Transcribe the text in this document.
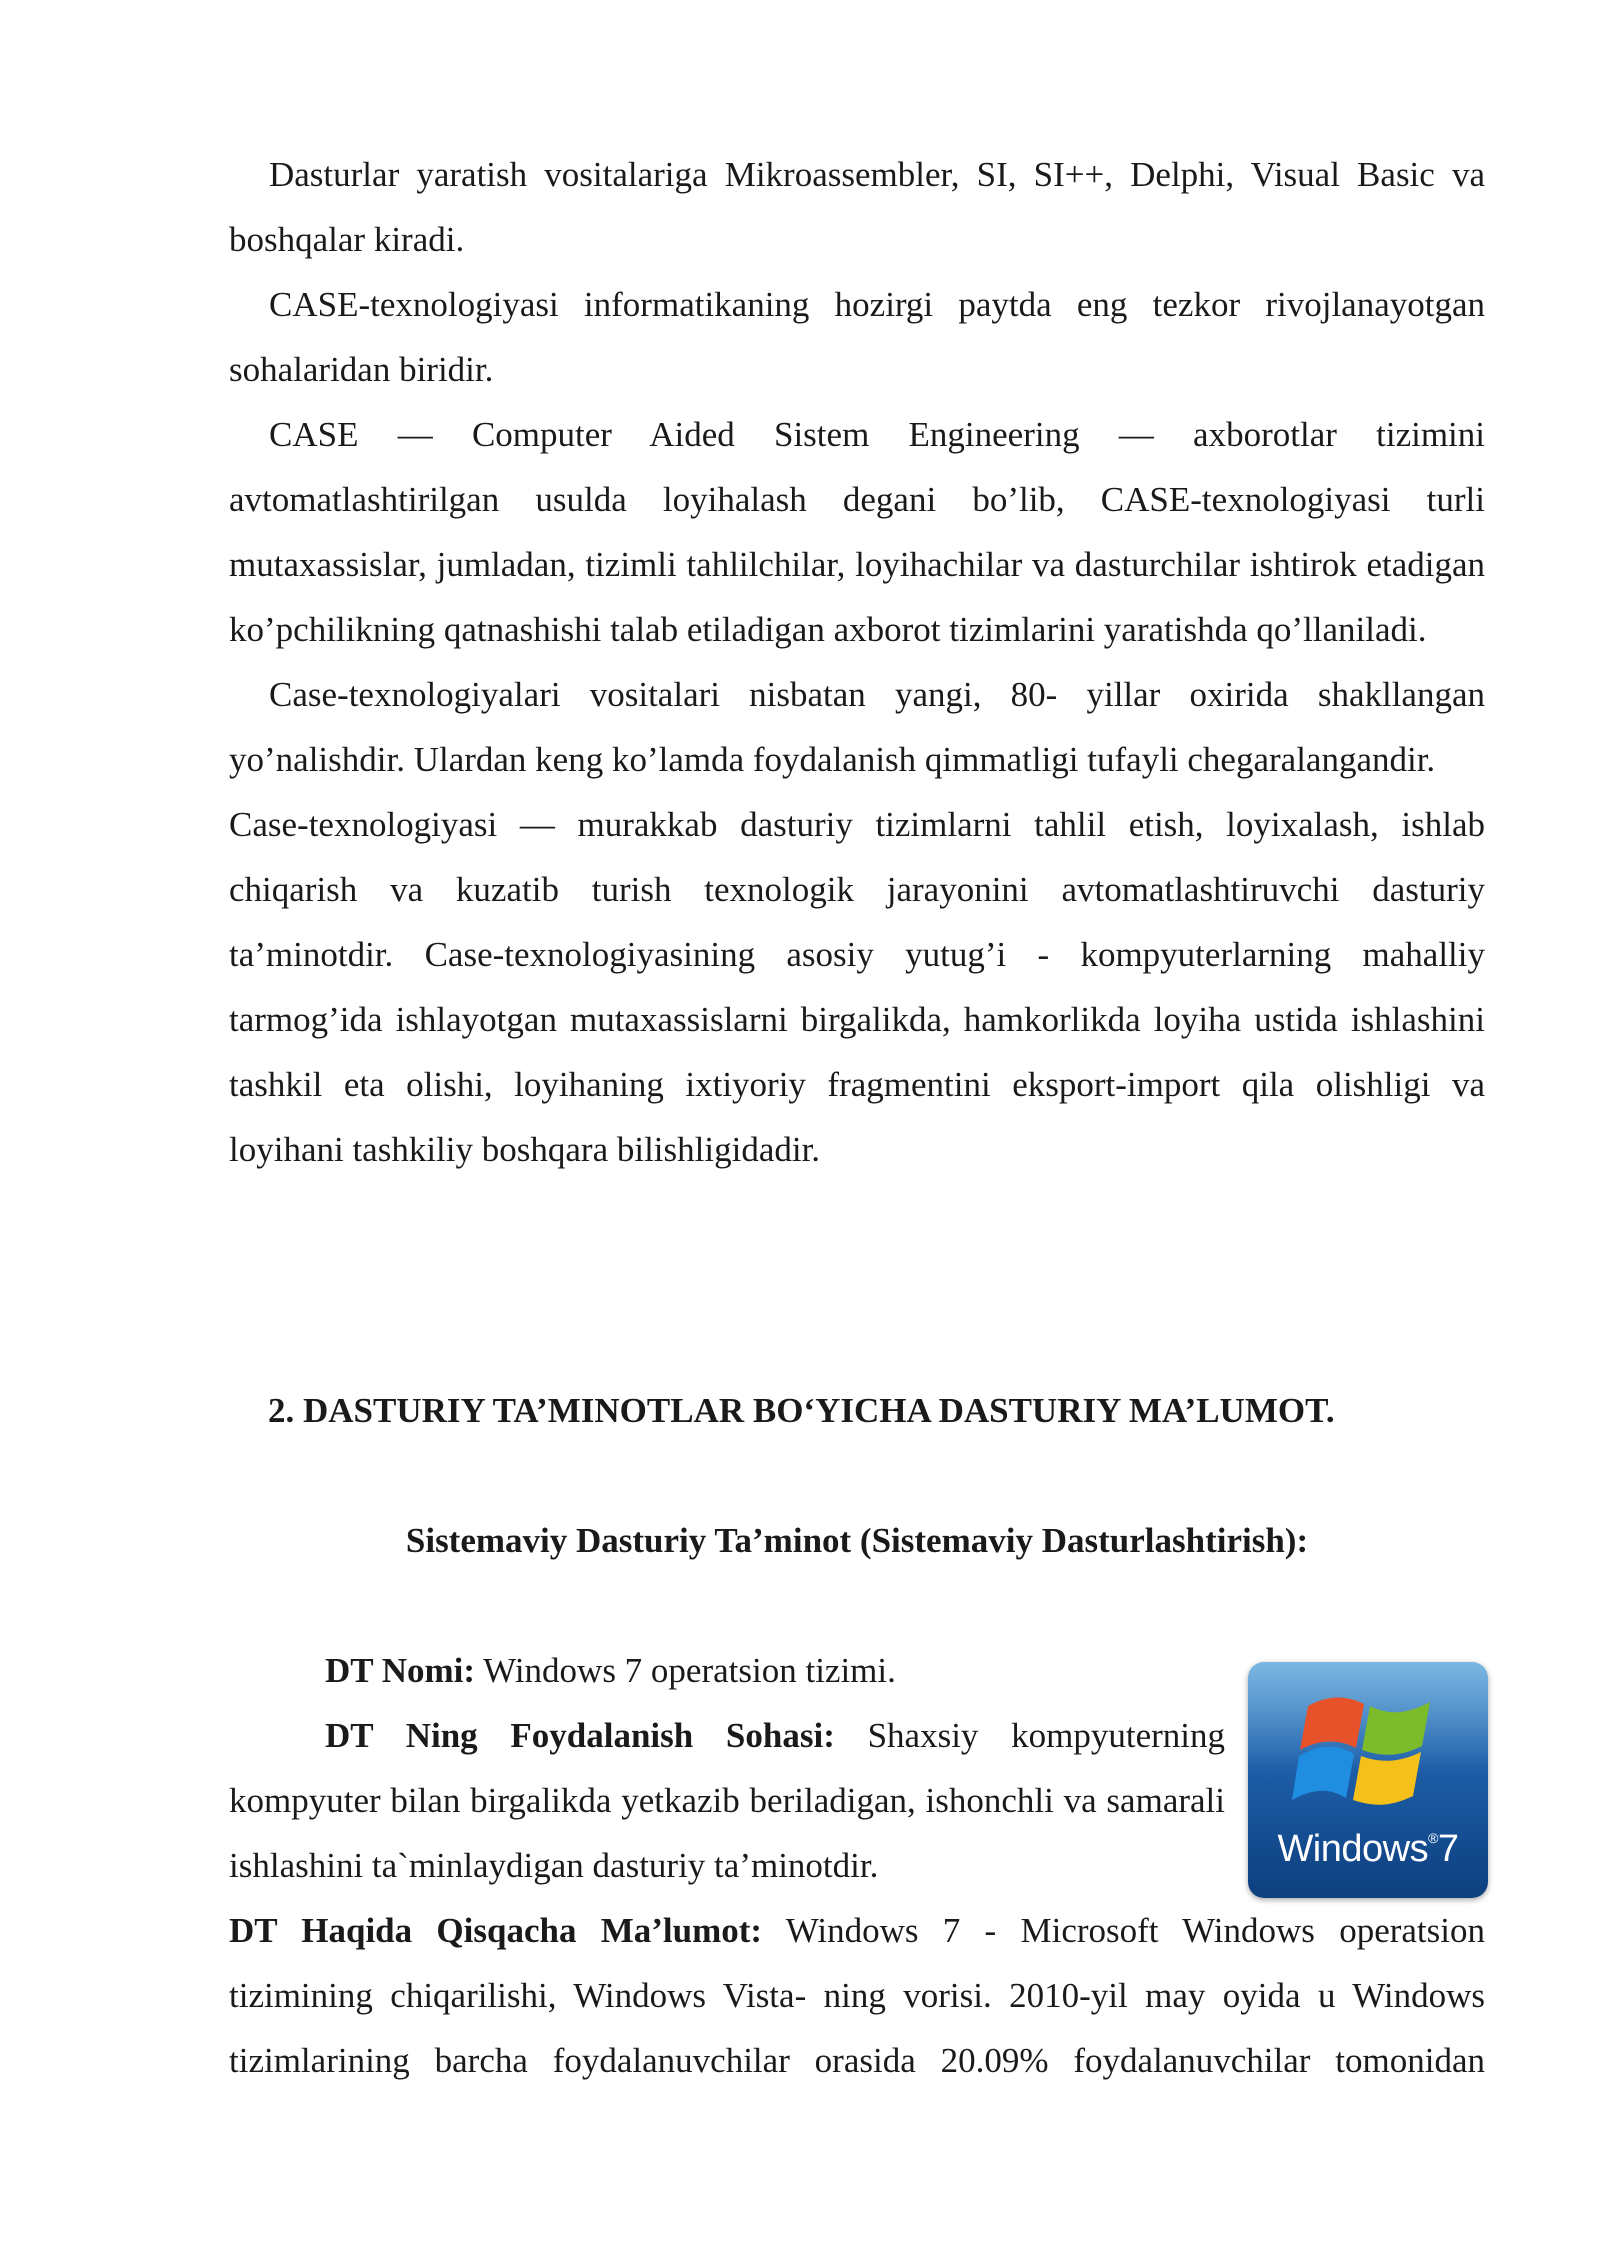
Dasturlar yaratish vositalariga Mikroassembler, SI, SI++, Delphi, Visual Basic va boshqalar kiradi.

CASE-texnologiyasi informatikaning hozirgi paytda eng tezkor rivojlanayotgan sohalaridan biridir.

CASE — Computer Aided Sistem Engineering — axborotlar tizimini avtomatlashtirilgan usulda loyihalash degani bo’lib, CASE-texnologiyasi turli mutaxassislar, jumladan, tizimli tahlilchilar, loyihachilar va dasturchilar ishtirok etadigan ko’pchilikning qatnashishi talab etiladigan axborot tizimlarini yaratishda qo’llaniladi.

Case-texnologiyalari vositalari nisbatan yangi, 80- yillar oxirida shakllangan yo’nalishdir. Ulardan keng ko’lamda foydalanish qimmatligi tufayli chegaralangandir.

Case-texnologiyasi — murakkab dasturiy tizimlarni tahlil etish, loyixalash, ishlab chiqarish va kuzatib turish texnologik jarayonini avtomatlashtiruvchi dasturiy ta’minotdir. Case-texnologiyasining asosiy yutug’i - kompyuterlarning mahalliy tarmog’ida ishlayotgan mutaxassislarni birgalikda, hamkorlikda loyiha ustida ishlashini tashkil eta olishi, loyihaning ixtiyoriy fragmentini eksport-import qila olishligi va loyihani tashkiliy boshqara bilishligidadir.

2. DASTURIY TA’MINOTLAR BO‘YICHA DASTURIY MA’LUMOT.
Sistemaviy Dasturiy Ta’minot (Sistemaviy Dasturlashtirish):

DT Nomi: Windows 7 operatsion tizimi.

DT Ning Foydalanish Sohasi: Shaxsiy kompyuterning kompyuter bilan birgalikda yetkazib beriladigan, ishonchli va samarali ishlashini ta`minlaydigan dasturiy ta’minotdir.	Windows®7
DT Haqida Qisqacha Ma’lumot: Windows 7 - Microsoft Windows operatsion tizimining chiqarilishi, Windows Vista- ning vorisi. 2010-yil may oyida u Windows tizimlarining barcha foydalanuvchilar orasida 20.09% foydalanuvchilar tomonidan
